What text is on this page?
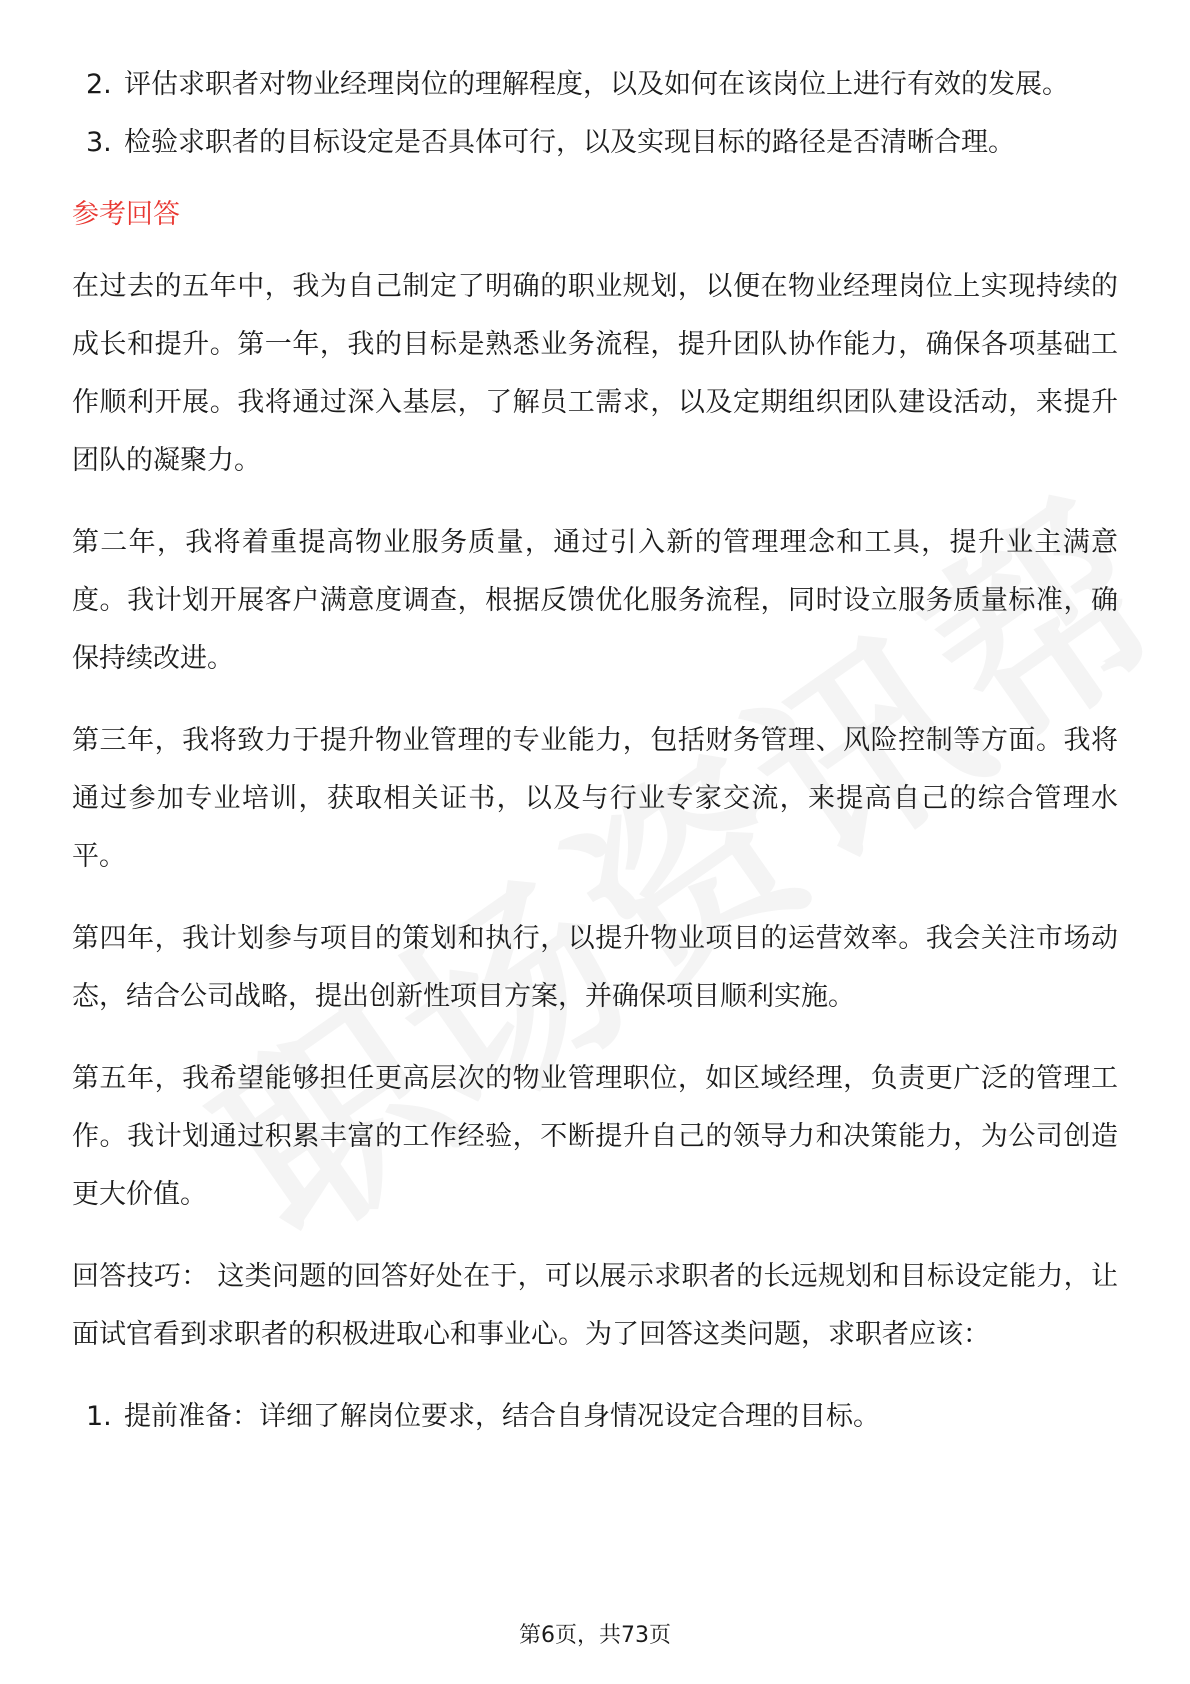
2. 评估求职者对物业经理岗位的理解程度，以及如何在该岗位上进行有效的发展。
3. 检验求职者的目标设定是否具体可行，以及实现目标的路径是否清晰合理。
参考回答

在过去的五年中，我为自己制定了明确的职业规划，以便在物业经理岗位上实现持续的成长和提升。第一年，我的目标是熟悉业务流程，提升团队协作能力，确保各项基础工作顺利开展。我将通过深入基层，了解员工需求，以及定期组织团队建设活动，来提升团队的凝聚力。

第二年，我将着重提高物业服务质量，通过引入新的管理理念和工具，提升业主满意度。我计划开展客户满意度调查，根据反馈优化服务流程，同时设立服务质量标准，确保持续改进。

第三年，我将致力于提升物业管理的专业能力，包括财务管理、风险控制等方面。我将通过参加专业培训，获取相关证书，以及与行业专家交流，来提高自己的综合管理水平。

第四年，我计划参与项目的策划和执行，以提升物业项目的运营效率。我会关注市场动态，结合公司战略，提出创新性项目方案，并确保项目顺利实施。

第五年，我希望能够担任更高层次的物业管理职位，如区域经理，负责更广泛的管理工作。我计划通过积累丰富的工作经验，不断提升自己的领导力和决策能力，为公司创造更大价值。

回答技巧： 这类问题的回答好处在于，可以展示求职者的长远规划和目标设定能力，让面试官看到求职者的积极进取心和事业心。为了回答这类问题，求职者应该：

1. 提前准备：详细了解岗位要求，结合自身情况设定合理的目标。
第6页，共73页
